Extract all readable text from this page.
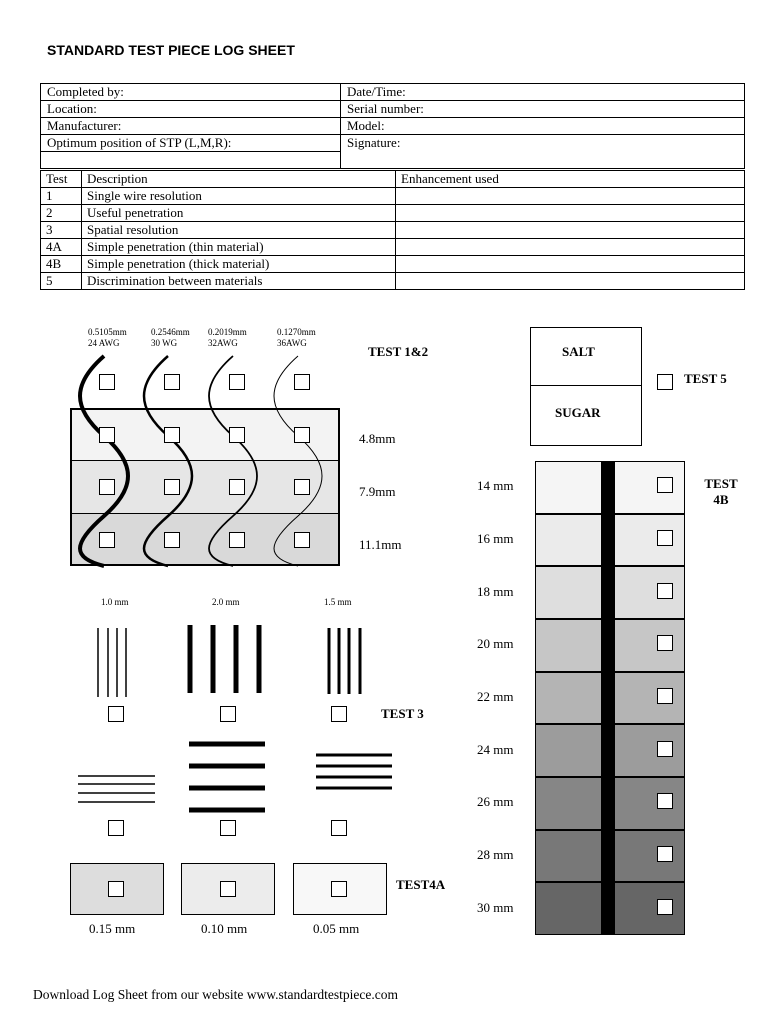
STANDARD TEST PIECE LOG SHEET
Completed by:	Date/Time:
Location:	Serial number:
Manufacturer:	Model:
Optimum position of STP (L,M,R):	Signature:

Test	Description	Enhancement used
1	Single wire resolution	
2	Useful penetration	
3	Spatial resolution	
4A	Simple penetration (thin material)	
4B	Simple penetration (thick material)	
5	Discrimination between materials	
0.5105mm
24 AWG
0.2546mm
30 WG
0.2019mm
32AWG
0.1270mm
36AWG
TEST 1&2
4.8mm
7.9mm
11.1mm
1.0 mm	2.0 mm	1.5 mm
TEST 3
TEST4A
0.15 mm	0.10 mm	0.05 mm
SALT
SUGAR
TEST 5
TEST
4B
14 mm
16 mm
18 mm
20 mm
22 mm
24 mm
26 mm
28 mm
30 mm
Download Log Sheet from our website www.standardtestpiece.com
